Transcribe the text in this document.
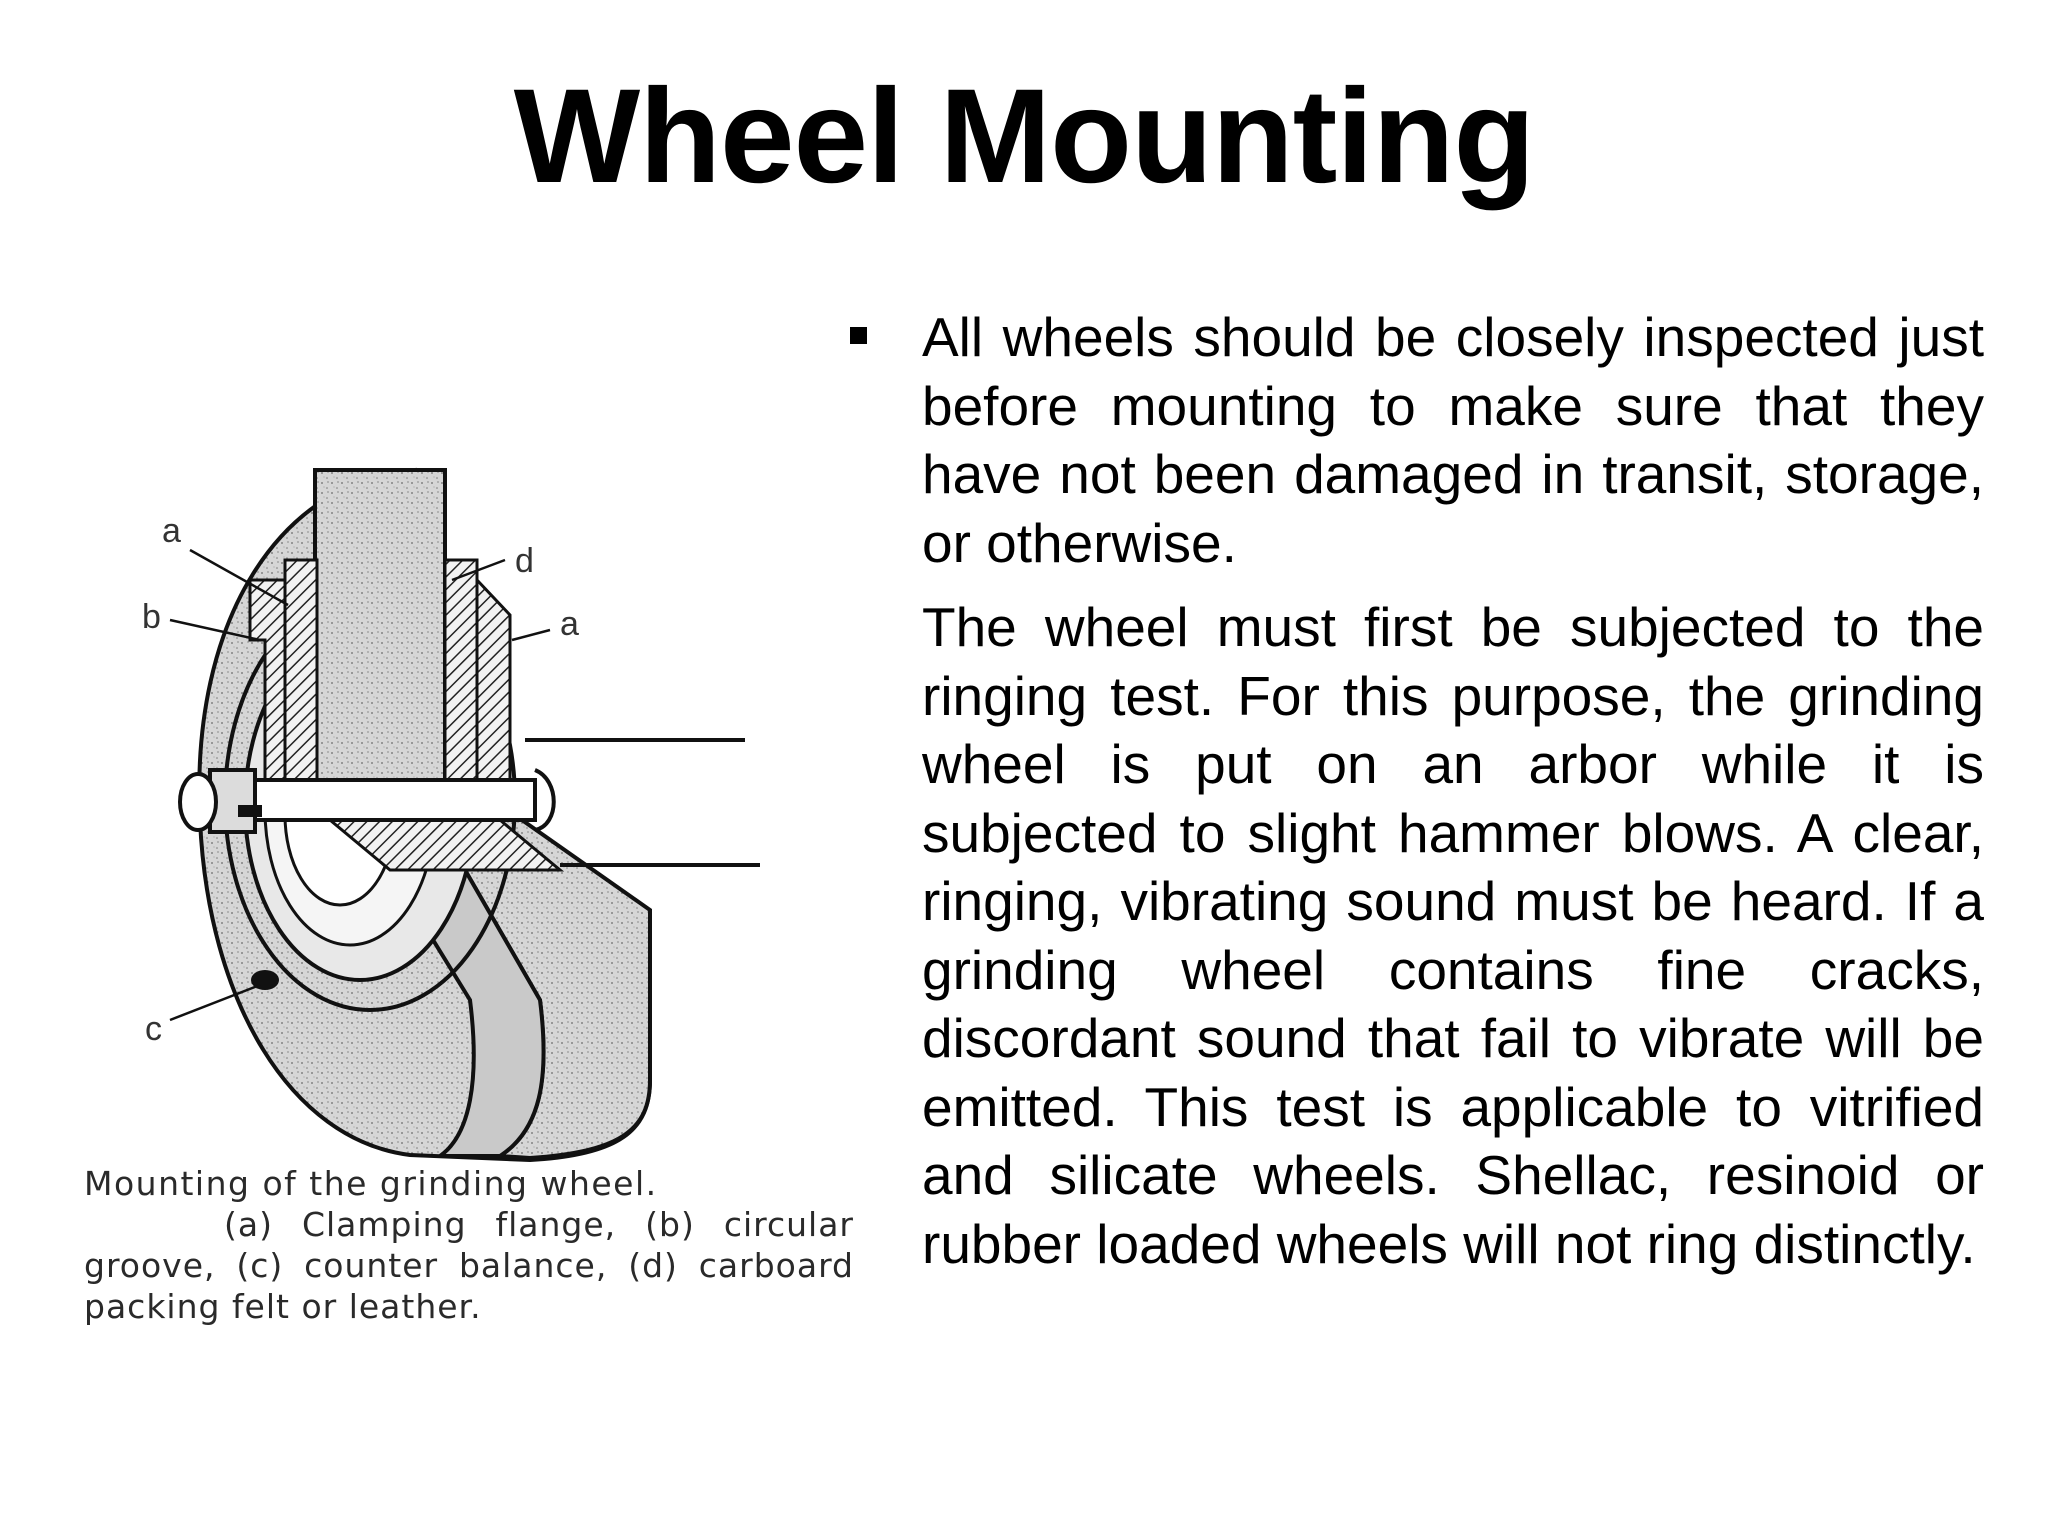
Wheel Mounting
a
b
c
d
a
Mounting of the grinding wheel.
(a) Clamping flange, (b) circular groove, (c) counter balance, (d) carboard packing felt or leather.

All wheels should be closely inspected just before mounting to make sure that they have not been damaged in transit, storage, or otherwise.

The wheel must first be subjected to the ringing test. For this purpose, the grinding wheel is put on an arbor while it is subjected to slight hammer blows. A clear, ringing, vibrating sound must be heard. If a grinding wheel contains fine cracks, discordant sound that fail to vibrate will be emitted. This test is applicable to vitrified and silicate wheels. Shellac, resinoid or rubber loaded wheels will not ring distinctly.
